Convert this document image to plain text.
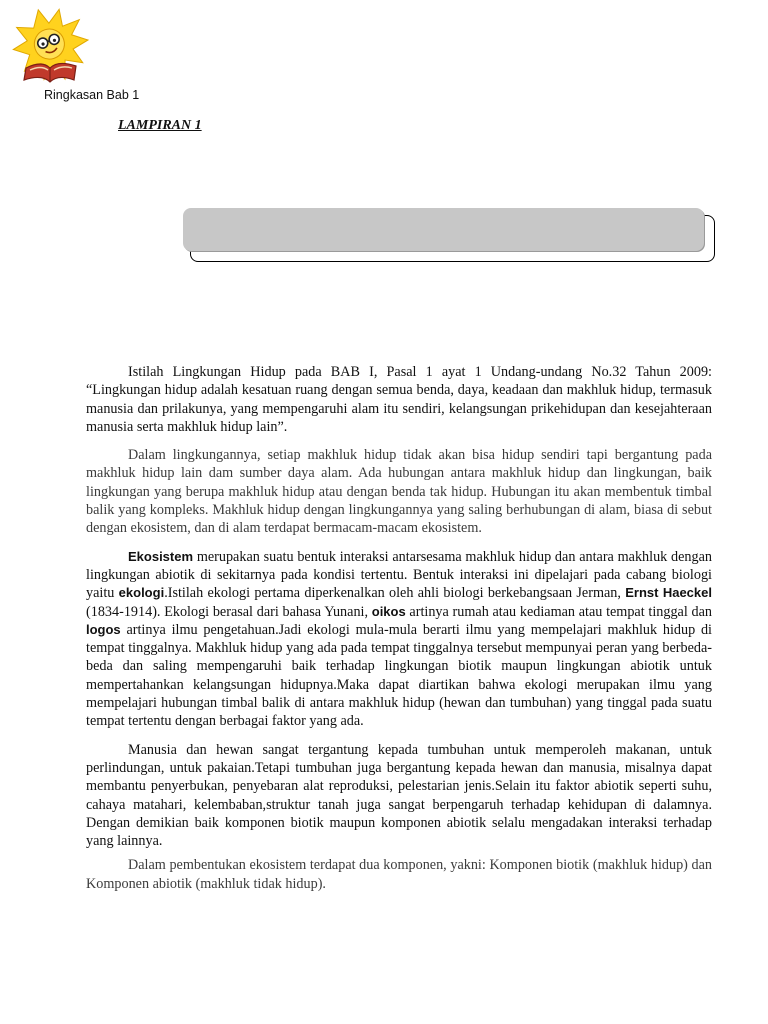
Ringkasan Bab 1
LAMPIRAN 1

Istilah Lingkungan Hidup pada BAB I, Pasal 1 ayat 1 Undang-undang No.32 Tahun 2009: “Lingkungan hidup adalah kesatuan ruang dengan semua benda, daya, keadaan dan makhluk hidup, termasuk manusia dan prilakunya, yang mempengaruhi alam itu sendiri, kelangsungan prikehidupan dan kesejahteraan manusia serta makhluk hidup lain”.

Dalam lingkungannya, setiap makhluk hidup tidak akan bisa hidup sendiri tapi bergantung pada makhluk hidup lain dam sumber daya alam. Ada hubungan antara makhluk hidup dan lingkungan, baik lingkungan yang berupa makhluk hidup atau dengan benda tak hidup. Hubungan itu akan membentuk timbal balik yang kompleks. Makhluk hidup dengan lingkungannya yang saling berhubungan di alam, biasa di sebut dengan ekosistem, dan di alam terdapat bermacam-macam ekosistem.

Ekosistem merupakan suatu bentuk interaksi antarsesama makhluk hidup dan antara makhluk dengan lingkungan abiotik di sekitarnya pada kondisi tertentu. Bentuk interaksi ini dipelajari pada cabang biologi yaitu ekologi.Istilah ekologi pertama diperkenalkan oleh ahli biologi berkebangsaan Jerman, Ernst Haeckel (1834-1914). Ekologi berasal dari bahasa Yunani, oikos artinya rumah atau kediaman atau tempat tinggal dan logos artinya ilmu pengetahuan.Jadi ekologi mula-mula berarti ilmu yang mempelajari makhluk hidup di tempat tinggalnya. Makhluk hidup yang ada pada tempat tinggalnya tersebut mempunyai peran yang berbeda-beda dan saling mempengaruhi baik terhadap lingkungan biotik maupun lingkungan abiotik untuk mempertahankan kelangsungan hidupnya.Maka dapat diartikan bahwa ekologi merupakan ilmu yang mempelajari hubungan timbal balik di antara makhluk hidup (hewan dan tumbuhan) yang tinggal pada suatu tempat tertentu dengan berbagai faktor yang ada.

Manusia dan hewan sangat tergantung kepada tumbuhan untuk memperoleh makanan, untuk perlindungan, untuk pakaian.Tetapi tumbuhan juga bergantung kepada hewan dan manusia, misalnya dapat membantu penyerbukan, penyebaran alat reproduksi, pelestarian jenis.Selain itu faktor abiotik seperti suhu, cahaya matahari, kelembaban,struktur tanah juga sangat berpengaruh terhadap kehidupan di dalamnya. Dengan demikian baik komponen biotik maupun komponen abiotik selalu mengadakan interaksi terhadap yang lainnya.

Dalam pembentukan ekosistem terdapat dua komponen, yakni: Komponen biotik (makhluk hidup) dan Komponen abiotik (makhluk tidak hidup).
